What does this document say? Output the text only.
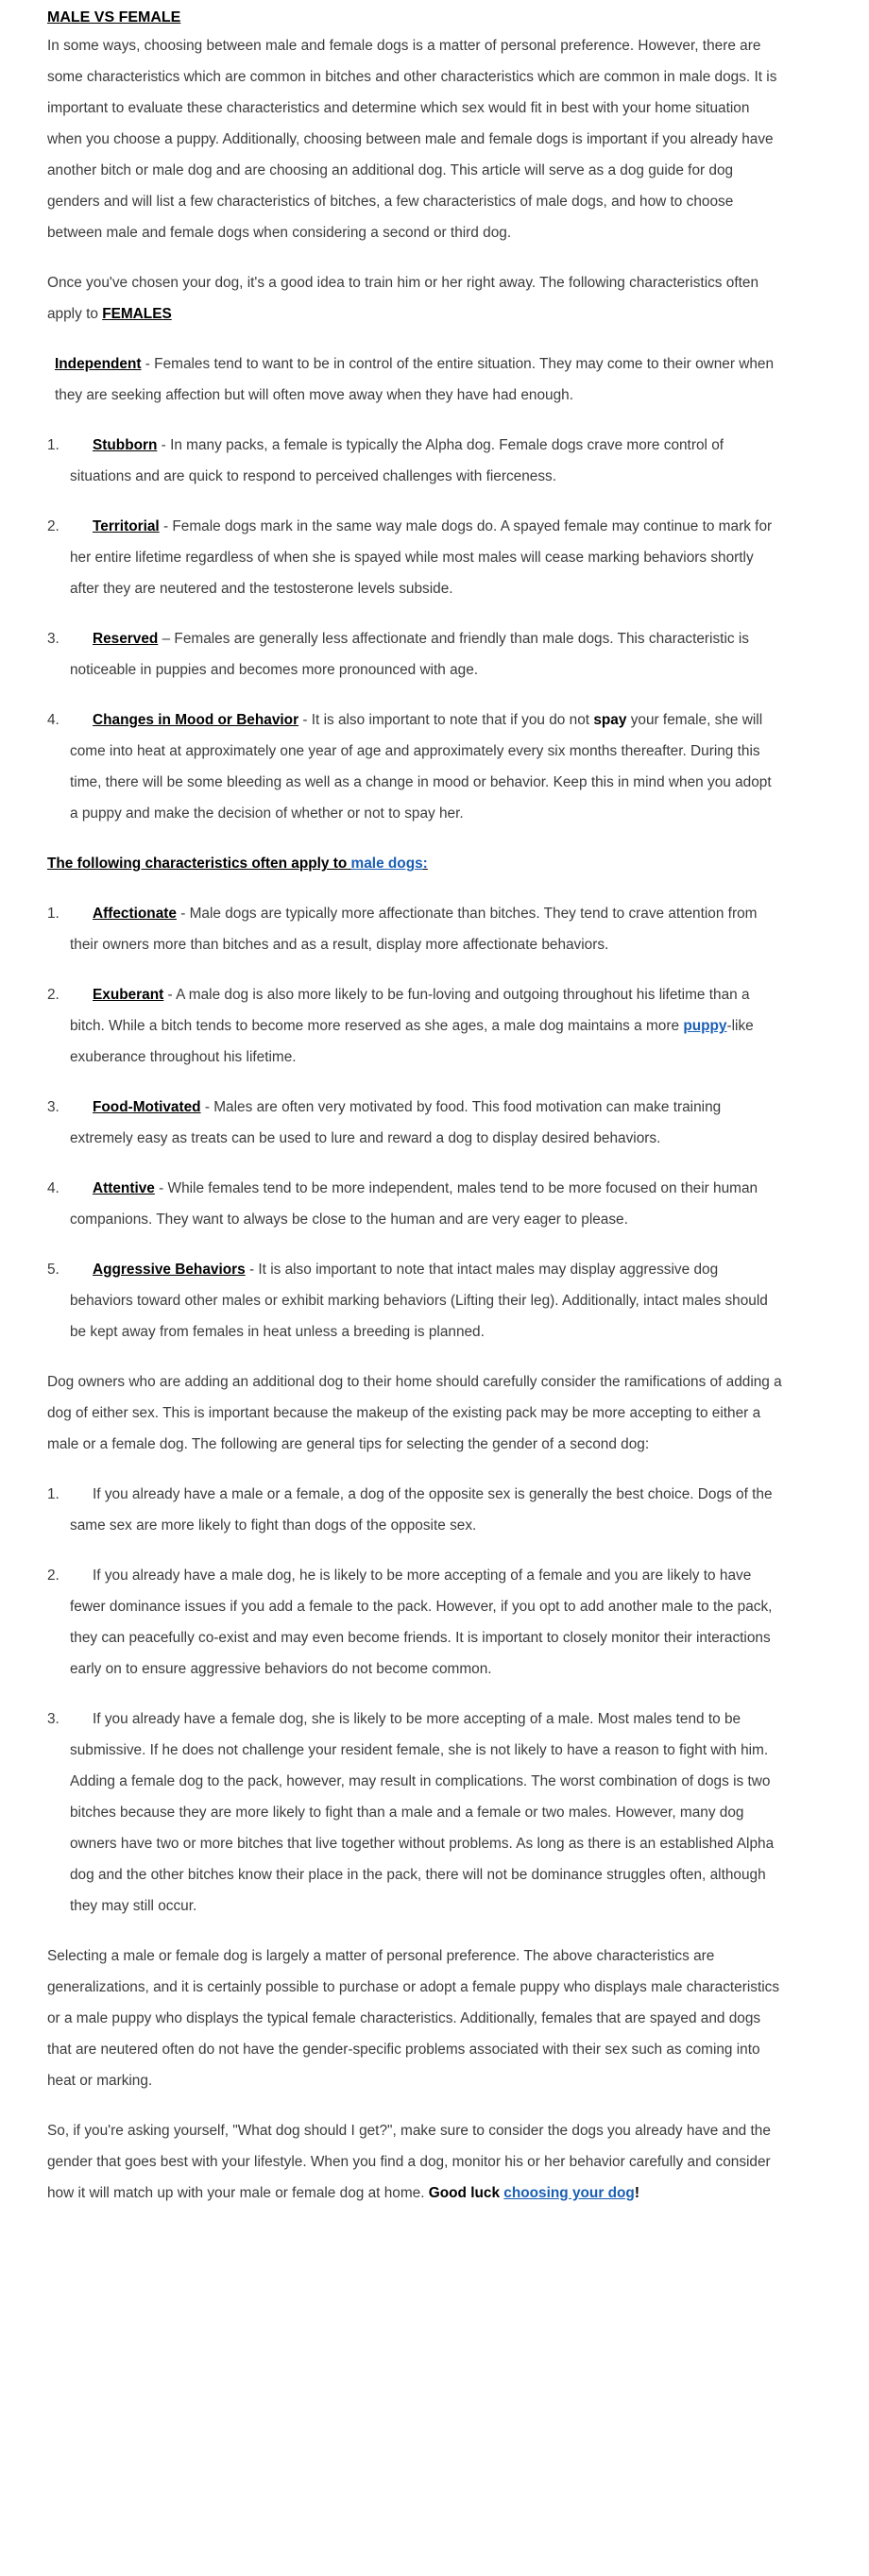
MALE VS FEMALE

In some ways, choosing between male and female dogs is a matter of personal preference. However, there are some characteristics which are common in bitches and other characteristics which are common in male dogs. It is important to evaluate these characteristics and determine which sex would fit in best with your home situation when you choose a puppy. Additionally, choosing between male and female dogs is important if you already have another bitch or male dog and are choosing an additional dog. This article will serve as a dog guide for dog genders and will list a few characteristics of bitches, a few characteristics of male dogs, and how to choose between male and female dogs when considering a second or third dog.

Once you've chosen your dog, it's a good idea to train him or her right away. The following characteristics often apply to FEMALES

Independent - Females tend to want to be in control of the entire situation. They may come to their owner when they are seeking affection but will often move away when they have had enough.

1. Stubborn - In many packs, a female is typically the Alpha dog. Female dogs crave more control of situations and are quick to respond to perceived challenges with fierceness.
2. Territorial - Female dogs mark in the same way male dogs do. A spayed female may continue to mark for her entire lifetime regardless of when she is spayed while most males will cease marking behaviors shortly after they are neutered and the testosterone levels subside.
3. Reserved – Females are generally less affectionate and friendly than male dogs. This characteristic is noticeable in puppies and becomes more pronounced with age.
4. Changes in Mood or Behavior - It is also important to note that if you do not spay your female, she will come into heat at approximately one year of age and approximately every six months thereafter. During this time, there will be some bleeding as well as a change in mood or behavior. Keep this in mind when you adopt a puppy and make the decision of whether or not to spay her.

The following characteristics often apply to male dogs:

1. Affectionate - Male dogs are typically more affectionate than bitches. They tend to crave attention from their owners more than bitches and as a result, display more affectionate behaviors.
2. Exuberant - A male dog is also more likely to be fun-loving and outgoing throughout his lifetime than a bitch. While a bitch tends to become more reserved as she ages, a male dog maintains a more puppy-like exuberance throughout his lifetime.
3. Food-Motivated - Males are often very motivated by food. This food motivation can make training extremely easy as treats can be used to lure and reward a dog to display desired behaviors.
4. Attentive - While females tend to be more independent, males tend to be more focused on their human companions. They want to always be close to the human and are very eager to please.
5. Aggressive Behaviors - It is also important to note that intact males may display aggressive dog behaviors toward other males or exhibit marking behaviors (Lifting their leg). Additionally, intact males should be kept away from females in heat unless a breeding is planned.

Dog owners who are adding an additional dog to their home should carefully consider the ramifications of adding a dog of either sex. This is important because the makeup of the existing pack may be more accepting to either a male or a female dog. The following are general tips for selecting the gender of a second dog:

1. If you already have a male or a female, a dog of the opposite sex is generally the best choice. Dogs of the same sex are more likely to fight than dogs of the opposite sex.
2. If you already have a male dog, he is likely to be more accepting of a female and you are likely to have fewer dominance issues if you add a female to the pack. However, if you opt to add another male to the pack, they can peacefully co-exist and may even become friends. It is important to closely monitor their interactions early on to ensure aggressive behaviors do not become common.
3. If you already have a female dog, she is likely to be more accepting of a male. Most males tend to be submissive. If he does not challenge your resident female, she is not likely to have a reason to fight with him. Adding a female dog to the pack, however, may result in complications. The worst combination of dogs is two bitches because they are more likely to fight than a male and a female or two males. However, many dog owners have two or more bitches that live together without problems. As long as there is an established Alpha dog and the other bitches know their place in the pack, there will not be dominance struggles often, although they may still occur.

Selecting a male or female dog is largely a matter of personal preference. The above characteristics are generalizations, and it is certainly possible to purchase or adopt a female puppy who displays male characteristics or a male puppy who displays the typical female characteristics. Additionally, females that are spayed and dogs that are neutered often do not have the gender-specific problems associated with their sex such as coming into heat or marking.

So, if you're asking yourself, "What dog should I get?", make sure to consider the dogs you already have and the gender that goes best with your lifestyle. When you find a dog, monitor his or her behavior carefully and consider how it will match up with your male or female dog at home. Good luck choosing your dog!
